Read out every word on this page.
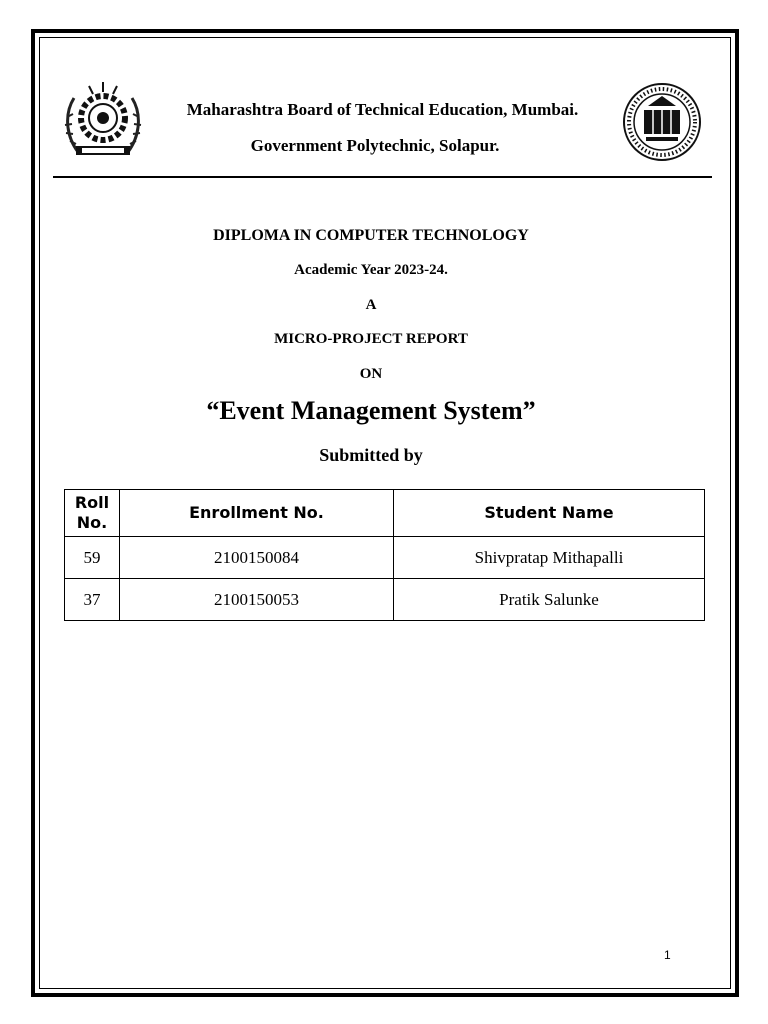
Maharashtra Board of Technical Education, Mumbai.
Government Polytechnic, Solapur.
DIPLOMA IN COMPUTER TECHNOLOGY
Academic Year 2023-24.
A
MICRO-PROJECT REPORT
ON
“Event Management System”
Submitted by
Roll No.	Enrollment No.	Student Name
59	2100150084	Shivpratap Mithapalli
37	2100150053	Pratik Salunke
1
